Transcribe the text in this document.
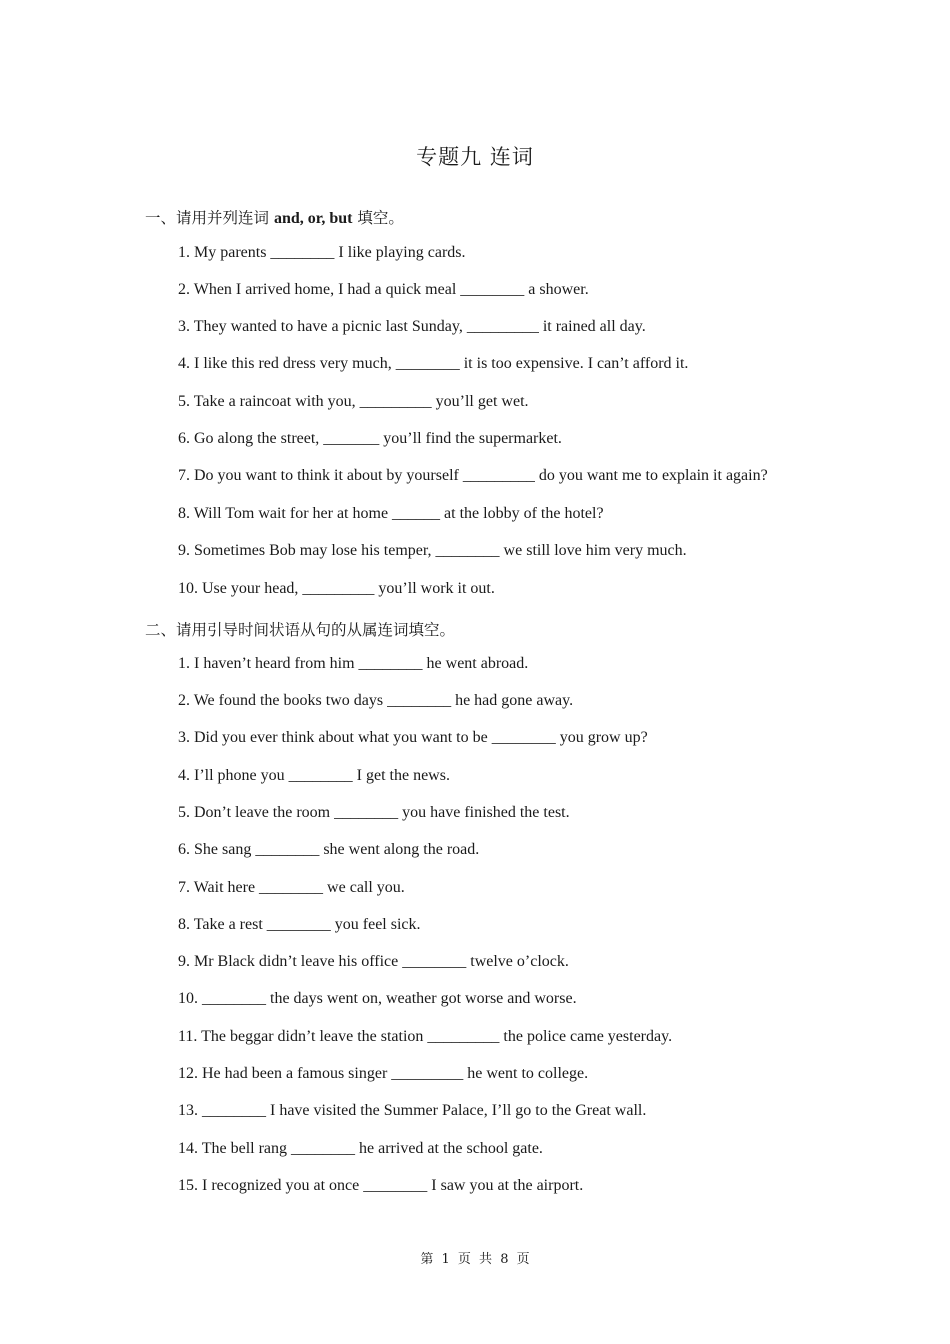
专题九 连词
一、请用并列连词 and, or, but 填空。
1. My parents ________ I like playing cards.
2. When I arrived home, I had a quick meal ________ a shower.
3. They wanted to have a picnic last Sunday, _________ it rained all day.
4. I like this red dress very much, ________ it is too expensive. I can’t afford it.
5. Take a raincoat with you, _________ you’ll get wet.
6. Go along the street, _______ you’ll find the supermarket.
7. Do you want to think it about by yourself _________ do you want me to explain it again?
8. Will Tom wait for her at home ______ at the lobby of the hotel?
9. Sometimes Bob may lose his temper, ________ we still love him very much.
10. Use your head, _________ you’ll work it out.
二、请用引导时间状语从句的从属连词填空。
1. I haven’t heard from him ________ he went abroad.
2. We found the books two days ________ he had gone away.
3. Did you ever think about what you want to be ________ you grow up?
4. I’ll phone you ________ I get the news.
5. Don’t leave the room ________ you have finished the test.
6. She sang ________ she went along the road.
7. Wait here ________ we call you.
8. Take a rest ________ you feel sick.
9. Mr Black didn’t leave his office ________ twelve o’clock.
10. ________ the days went on, weather got worse and worse.
11. The beggar didn’t leave the station _________ the police came yesterday.
12. He had been a famous singer _________ he went to college.
13. ________ I have visited the Summer Palace, I’ll go to the Great wall.
14. The bell rang ________ he arrived at the school gate.
15. I recognized you at once ________ I saw you at the airport.
第 1 页 共 8 页
